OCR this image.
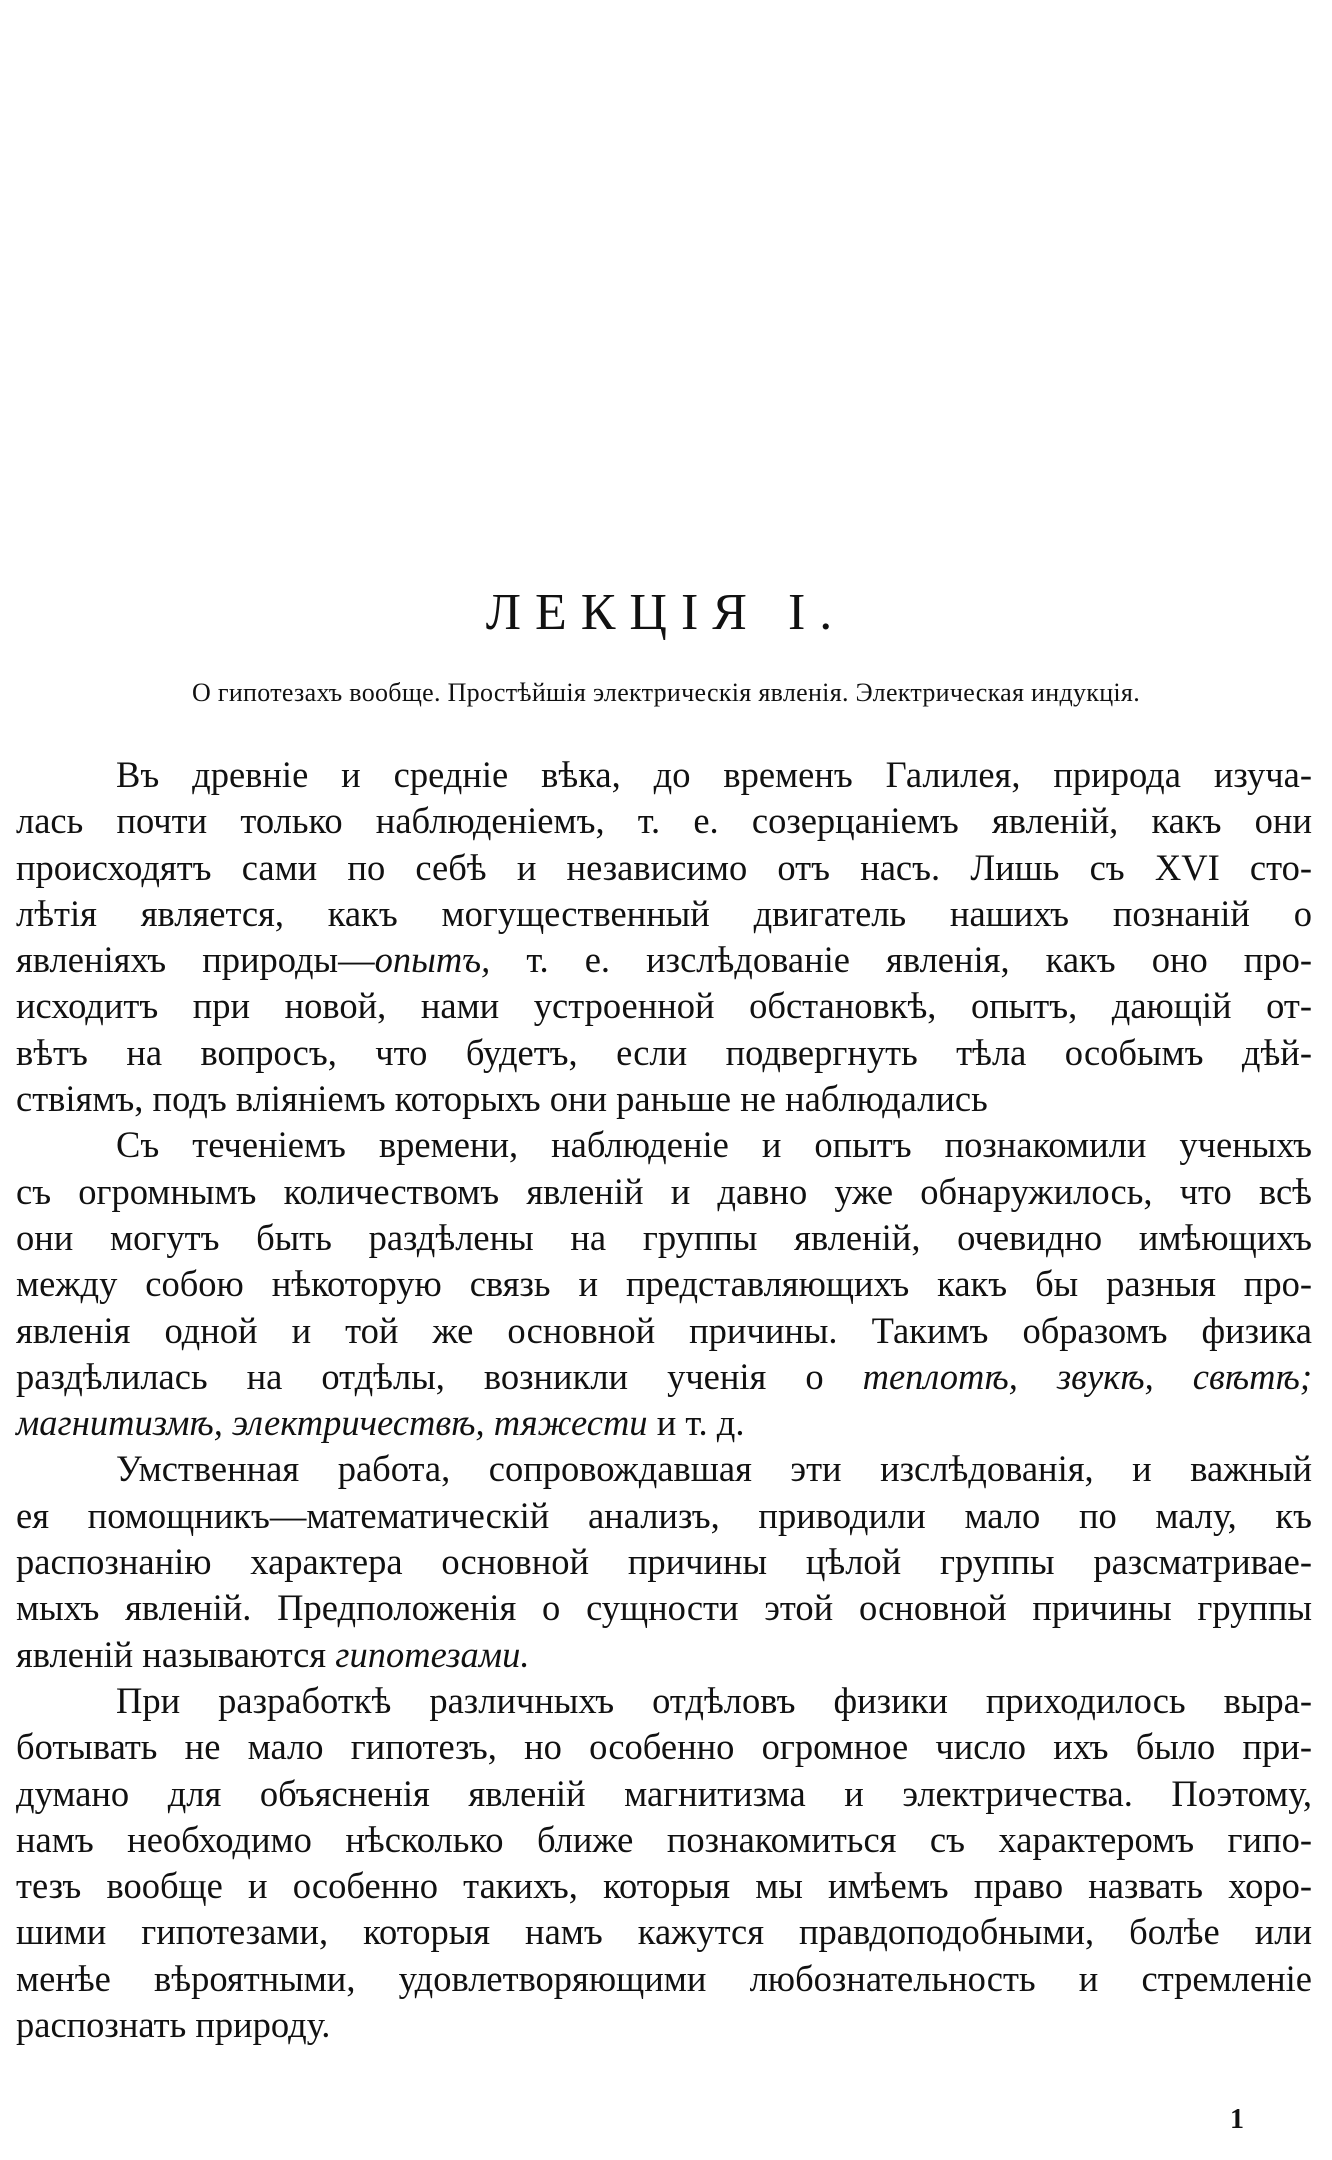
ЛЕКЦІЯ I.
О гипотезахъ вообще. Простѣйшія электрическія явленія. Электрическая индукція.

Въ древніе и средніе вѣка, до временъ Галилея, природа изуча-
лась почти только наблюденіемъ, т. е. созерцаніемъ явленій, какъ они
происходятъ сами по себѣ и независимо отъ насъ. Лишь съ XVI сто-
лѣтія является, какъ могущественный двигатель нашихъ познаній о
явленіяхъ природы—опытъ, т. е. изслѣдованіе явленія, какъ оно про-
исходитъ при новой, нами устроенной обстановкѣ, опытъ, дающій от-
вѣтъ на вопросъ, что будетъ, если подвергнуть тѣла особымъ дѣй-
ствіямъ, подъ вліяніемъ которыхъ они раньше не наблюдались

Съ теченіемъ времени, наблюденіе и опытъ познакомили ученыхъ
съ огромнымъ количествомъ явленій и давно уже обнаружилось, что всѣ
они могутъ быть раздѣлены на группы явленій, очевидно имѣющихъ
между собою нѣкоторую связь и представляющихъ какъ бы разныя про-
явленія одной и той же основной причины. Такимъ образомъ физика
раздѣлилась на отдѣлы, возникли ученія о теплотѣ, звукѣ, свѣтѣ;
магнитизмѣ, электричествѣ, тяжести и т. д.

Умственная работа, сопровождавшая эти изслѣдованія, и важный
ея помощникъ—математическій анализъ, приводили мало по малу, къ
распознанію характера основной причины цѣлой группы разсматривае-
мыхъ явленій. Предположенія о сущности этой основной причины группы
явленій называются гипотезами.

При разработкѣ различныхъ отдѣловъ физики приходилось выра-
ботывать не мало гипотезъ, но особенно огромное число ихъ было при-
думано для объясненія явленій магнитизма и электричества. Поэтому,
намъ необходимо нѣсколько ближе познакомиться съ характеромъ гипо-
тезъ вообще и особенно такихъ, которыя мы имѣемъ право назвать хоро-
шими гипотезами, которыя намъ кажутся правдоподобными, болѣе или
менѣе вѣроятными, удовлетворяющими любознательность и стремленіе
распознать природу.

1
